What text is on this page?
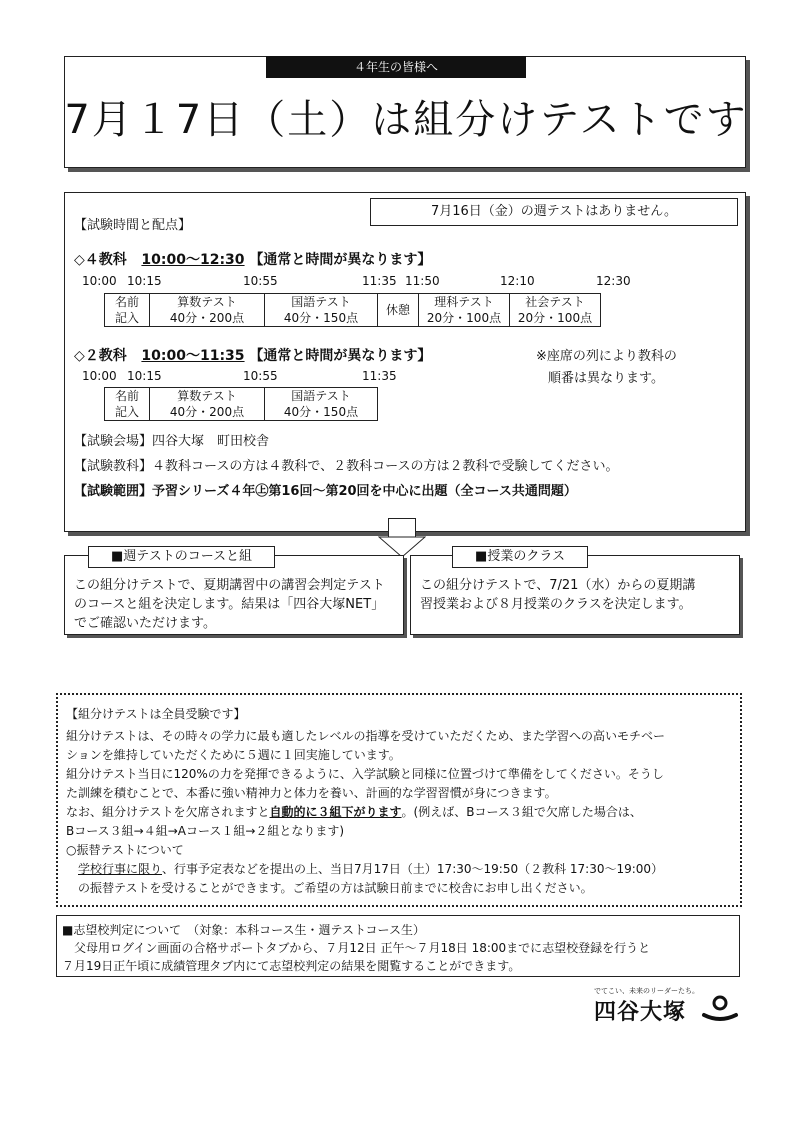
４年生の皆様へ
7月１7日（土）は組分けテストです
7月16日（金）の週テストはありません。
【試験時間と配点】
◇４教科 10:00～12:30 【通常と時間が異なります】
10:00 10:15	10:55	11:35 11:50	12:10	12:30
名前
記入

算数テスト
40分・200点

国語テスト
40分・150点

休憩

理科テスト
20分・100点

社会テスト
20分・100点
◇２教科 10:00～11:35 【通常と時間が異なります】	※座席の列により教科の
順番は異なります。
10:00 10:15	10:55	11:35
名前
記入

算数テスト
40分・200点

国語テスト
40分・150点
【試験会場】四谷大塚　町田校舎
【試験教科】４教科コースの方は４教科で、２教科コースの方は２教科で受験してください。
【試験範囲】予習シリーズ４年㊤第16回～第20回を中心に出題（全コース共通問題）
■週テストのコースと組
この組分けテストで、夏期講習中の講習会判定テスト
のコースと組を決定します。結果は「四谷大塚NET」
でご確認いただけます。
■授業のクラス
この組分けテストで、7/21（水）からの夏期講
習授業および８月授業のクラスを決定します。
【組分けテストは全員受験です】
組分けテストは、その時々の学力に最も適したレベルの指導を受けていただくため、また学習への高いモチベー
ションを維持していただくために５週に１回実施しています。
組分けテスト当日に120%の力を発揮できるように、入学試験と同様に位置づけて準備をしてください。そうし
た訓練を積むことで、本番に強い精神力と体力を養い、計画的な学習習慣が身につきます。
なお、組分けテストを欠席されますと自動的に３組下がります。(例えば、Bコース３組で欠席した場合は、
Bコース３組→４組→Aコース１組→２組となります)
○振替テストについて
学校行事に限り、行事予定表などを提出の上、当日7月17日（土）17:30～19:50（２教科 17:30～19:00）
の振替テストを受けることができます。ご希望の方は試験日前までに校舎にお申し出ください。
■志望校判定について　（対象：本科コース生・週テストコース生）
父母用ログイン画面の合格サポートタブから、７月12日 正午～７月18日 18:00までに志望校登録を行うと
７月19日正午頃に成績管理タブ内にて志望校判定の結果を閲覧することができます。
でてこい、未来のリーダーたち。
四谷大塚
